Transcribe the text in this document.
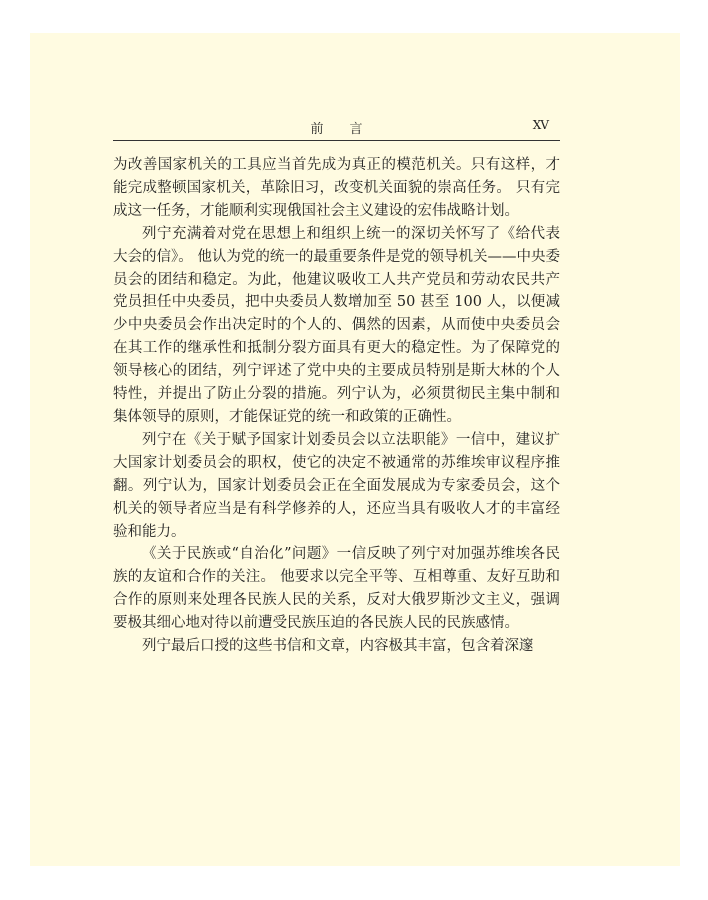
前　　言	XV

为改善国家机关的工具应当首先成为真正的模范机关。只有这样，才能完成整顿国家机关，革除旧习，改变机关面貌的崇高任务。 只有完成这一任务，才能顺利实现俄国社会主义建设的宏伟战略计划。

列宁充满着对党在思想上和组织上统一的深切关怀写了《给代表大会的信》。 他认为党的统一的最重要条件是党的领导机关——中央委员会的团结和稳定。为此，他建议吸收工人共产党员和劳动农民共产党员担任中央委员，把中央委员人数增加至 50 甚至 100 人，以便减少中央委员会作出决定时的个人的、偶然的因素，从而使中央委员会在其工作的继承性和抵制分裂方面具有更大的稳定性。为了保障党的领导核心的团结，列宁评述了党中央的主要成员特别是斯大林的个人特性，并提出了防止分裂的措施。列宁认为，必须贯彻民主集中制和集体领导的原则，才能保证党的统一和政策的正确性。

列宁在《关于赋予国家计划委员会以立法职能》一信中，建议扩大国家计划委员会的职权，使它的决定不被通常的苏维埃审议程序推翻。列宁认为，国家计划委员会正在全面发展成为专家委员会，这个机关的领导者应当是有科学修养的人，还应当具有吸收人才的丰富经验和能力。

《关于民族或“自治化”问题》一信反映了列宁对加强苏维埃各民族的友谊和合作的关注。 他要求以完全平等、互相尊重、友好互助和合作的原则来处理各民族人民的关系，反对大俄罗斯沙文主义，强调要极其细心地对待以前遭受民族压迫的各民族人民的民族感情。

列宁最后口授的这些书信和文章，内容极其丰富，包含着深邃
